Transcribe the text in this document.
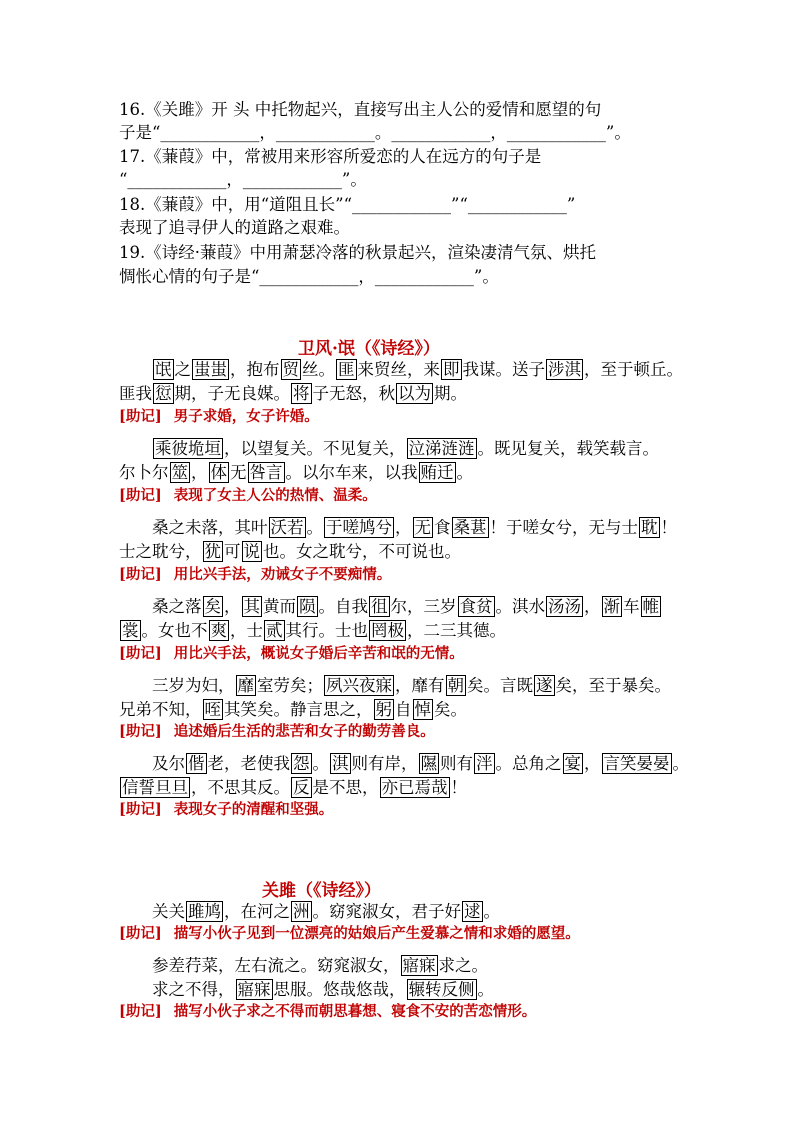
16.《关雎》开 头 中托物起兴，直接写出主人公的爱情和愿望的句
子是“____________，____________。____________，____________”。
17.《蒹葭》中，常被用来形容所爱恋的人在远方的句子是
“____________，____________”。
18.《蒹葭》中，用“道阻且长”“____________”“____________”
表现了追寻伊人的道路之艰难。
19.《诗经·蒹葭》中用萧瑟冷落的秋景起兴，渲染凄清气氛、烘托
惆怅心情的句子是“____________，____________”。
卫风·氓（《诗经》）
氓 之 蚩蚩 ，抱布 贸 丝。 匪 来贸丝，来 即 我谋。送子 涉淇 ，至于顿丘。
匪我 愆 期，子无良媒。 将 子无怒，秋 以为 期。
[助记] 男子求婚，女子许婚。
乘彼垝垣 ，以望复关。不见复关， 泣涕涟涟 。既见复关，载笑载言。
尔卜尔 筮 ， 体 无 咎言 。以尔车来，以我 贿迁 。
[助记] 表现了女主人公的热情、温柔。
桑之未落，其叶 沃若 。 于嗟鸠兮 ， 无 食 桑葚 ！于嗟女兮，无与士 耽 ！
士之耽兮， 犹 可 说 也。女之耽兮，不可说也。
[助记] 用比兴手法，劝诫女子不要痴情。
桑之落 矣 ， 其 黄而 陨 。自我 徂 尔，三岁 食贫 。淇水 汤汤 ， 渐 车 帷
裳 。女也不 爽 ，士 贰 其行。士也 罔极 ，二三其德。
[助记] 用比兴手法，概说女子婚后辛苦和氓的无情。
三岁为妇， 靡 室劳矣； 夙兴夜寐 ，靡有 朝 矣。言既 遂 矣，至于暴矣。
兄弟不知， 咥 其笑矣。静言思之， 躬 自 悼 矣。
[助记] 追述婚后生活的悲苦和女子的勤劳善良。
及尔 偕 老，老使我 怨 。 淇 则有岸， 隰 则有 泮 。总角之 宴 ， 言笑晏晏 。
信誓旦旦 ，不思其反。 反 是不思， 亦已焉哉 ！
[助记] 表现女子的清醒和坚强。
关雎（《诗经》）
关关 雎鸠 ，在河之 洲 。窈窕淑女，君子好 逑 。
[助记] 描写小伙子见到一位漂亮的姑娘后产生爱慕之情和求婚的愿望。
参差荇菜，左右流之。窈窕淑女， 寤寐 求之。
求之不得， 寤寐 思服。悠哉悠哉， 辗转反侧 。
[助记] 描写小伙子求之不得而朝思暮想、寝食不安的苦恋情形。
